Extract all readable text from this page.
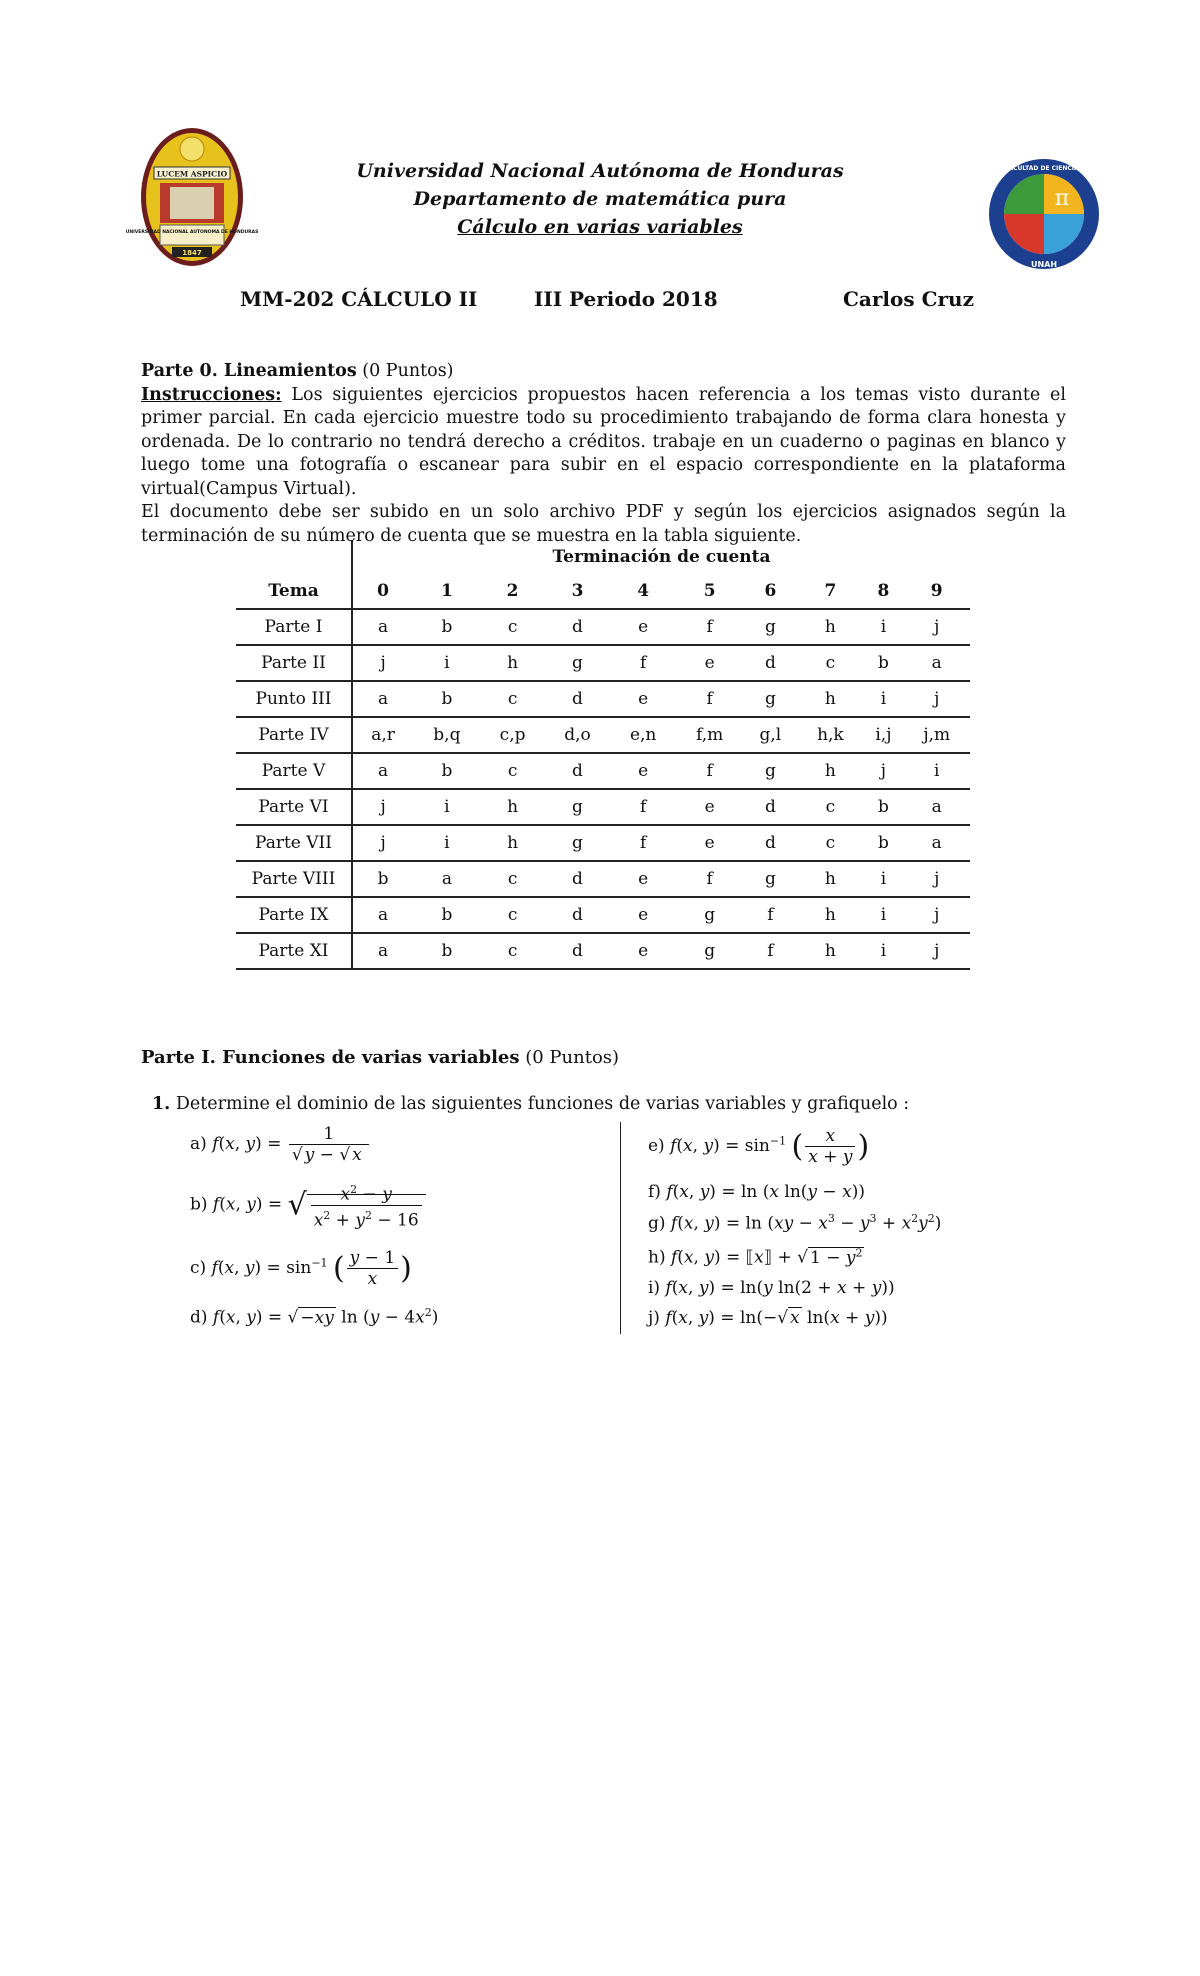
Universidad Nacional Autónoma de Honduras
Departamento de matemática pura
Cálculo en varias variables
LUCEM ASPICIO
UNIVERSIDAD NACIONAL AUTONOMA DE HONDURAS
1847
π
UNAH
FACULTAD DE CIENCIAS
MM-202 CÁLCULO II	III Periodo 2018	Carlos Cruz
Parte 0. Lineamientos (0 Puntos)
Instrucciones: Los siguientes ejercicios propuestos hacen referencia a los temas visto durante el primer parcial. En cada ejercicio muestre todo su procedimiento trabajando de forma clara honesta y ordenada. De lo contrario no tendrá derecho a créditos. trabaje en un cuaderno o paginas en blanco y luego tome una fotografía o escanear para subir en el espacio correspondiente en la plataforma virtual(Campus Virtual).
El documento debe ser subido en un solo archivo PDF y según los ejercicios asignados según la terminación de su número de cuenta que se muestra en la tabla siguiente.
	Terminación de cuenta									
Tema	0	1	2	3	4	5	6	7	8	9
Parte I	a	b	c	d	e	f	g	h	i	j
Parte II	j	i	h	g	f	e	d	c	b	a
Punto III	a	b	c	d	e	f	g	h	i	j
Parte IV	a,r	b,q	c,p	d,o	e,n	f,m	g,l	h,k	i,j	j,m
Parte V	a	b	c	d	e	f	g	h	j	i
Parte VI	j	i	h	g	f	e	d	c	b	a
Parte VII	j	i	h	g	f	e	d	c	b	a
Parte VIII	b	a	c	d	e	f	g	h	i	j
Parte IX	a	b	c	d	e	g	f	h	i	j
Parte XI	a	b	c	d	e	g	f	h	i	j
Parte I. Funciones de varias variables (0 Puntos)
1. Determine el dominio de las siguientes funciones de varias variables y grafiquelo :
a) f(x, $y) = \frac{1}{√ y - √ x}$
b) f(x, y) = √ $\frac{x^2 - y}{x^2 + y^2 - 16}$
c) f(x, $y) = \sin^{-1}$ ( $\frac{y - 1}{x}$ )
d) f(x, y) = √ −xy $\ln (y - 4x^2)$
e) f(x, $y) = \sin^{-1}$ ( $\frac{x}{x + y}$ )
f) f(x, y) = ln (x ln(y − x))
g) f(x, $y) = \ln (xy - x^3 - y^3 + x^2y^2)$
h) f(x, y) = ⟦x⟧ + √ $1 - y^2$
i) f(x, y) = ln(y ln(2 + x + y))
j) f(x, y) = ln(−√ x ln(x + y))
